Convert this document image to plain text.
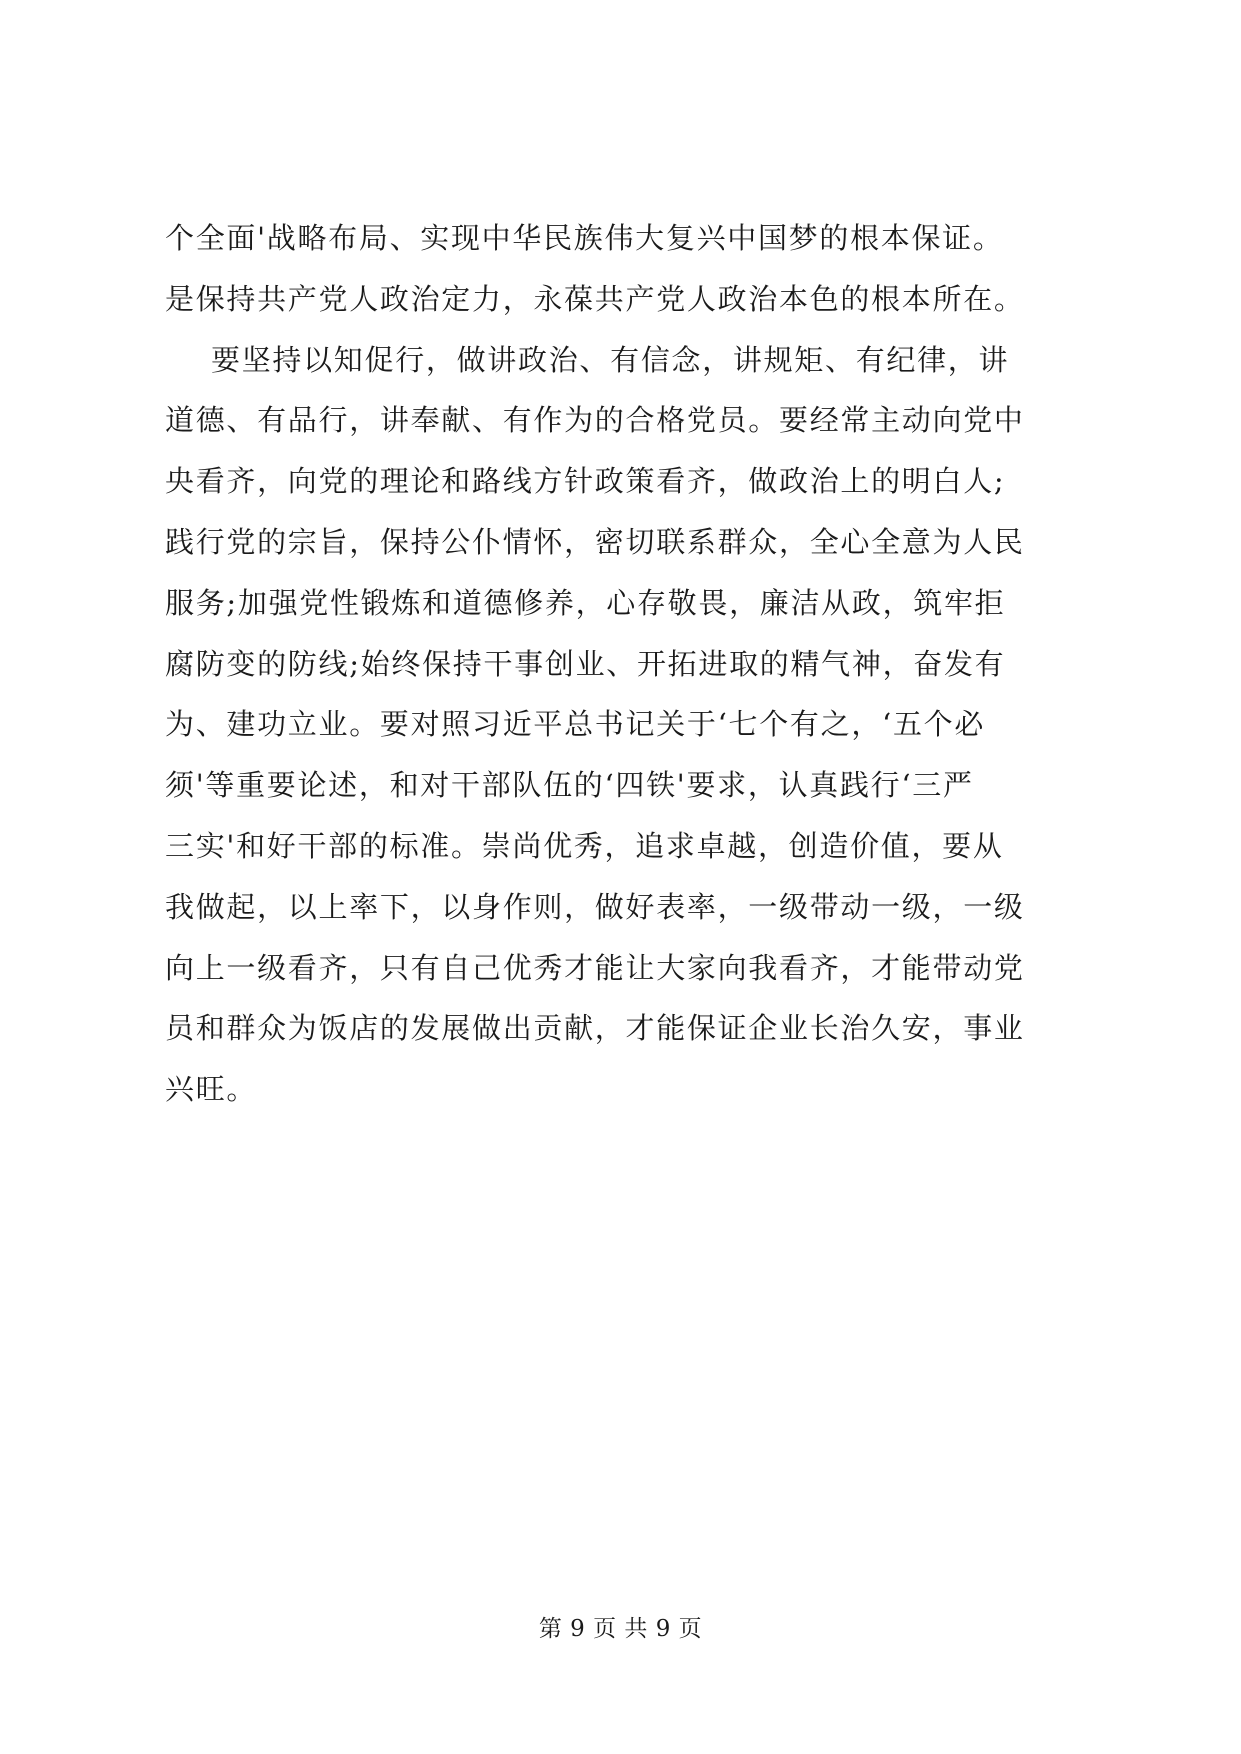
个全面'战略布局、实现中华民族伟大复兴中国梦的根本保证。
是保持共产党人政治定力，永葆共产党人政治本色的根本所在。
要坚持以知促行，做讲政治、有信念，讲规矩、有纪律，讲
道德、有品行，讲奉献、有作为的合格党员。要经常主动向党中
央看齐，向党的理论和路线方针政策看齐，做政治上的明白人;
践行党的宗旨，保持公仆情怀，密切联系群众，全心全意为人民
服务;加强党性锻炼和道德修养，心存敬畏，廉洁从政，筑牢拒
腐防变的防线;始终保持干事创业、开拓进取的精气神，奋发有
为、建功立业。要对照习近平总书记关于‘七个有之，‘五个必
须'等重要论述，和对干部队伍的‘四铁'要求，认真践行‘三严
三实'和好干部的标准。崇尚优秀，追求卓越，创造价值，要从
我做起，以上率下，以身作则，做好表率，一级带动一级，一级
向上一级看齐，只有自己优秀才能让大家向我看齐，才能带动党
员和群众为饭店的发展做出贡献，才能保证企业长治久安，事业
兴旺。
第 9 页 共 9 页
